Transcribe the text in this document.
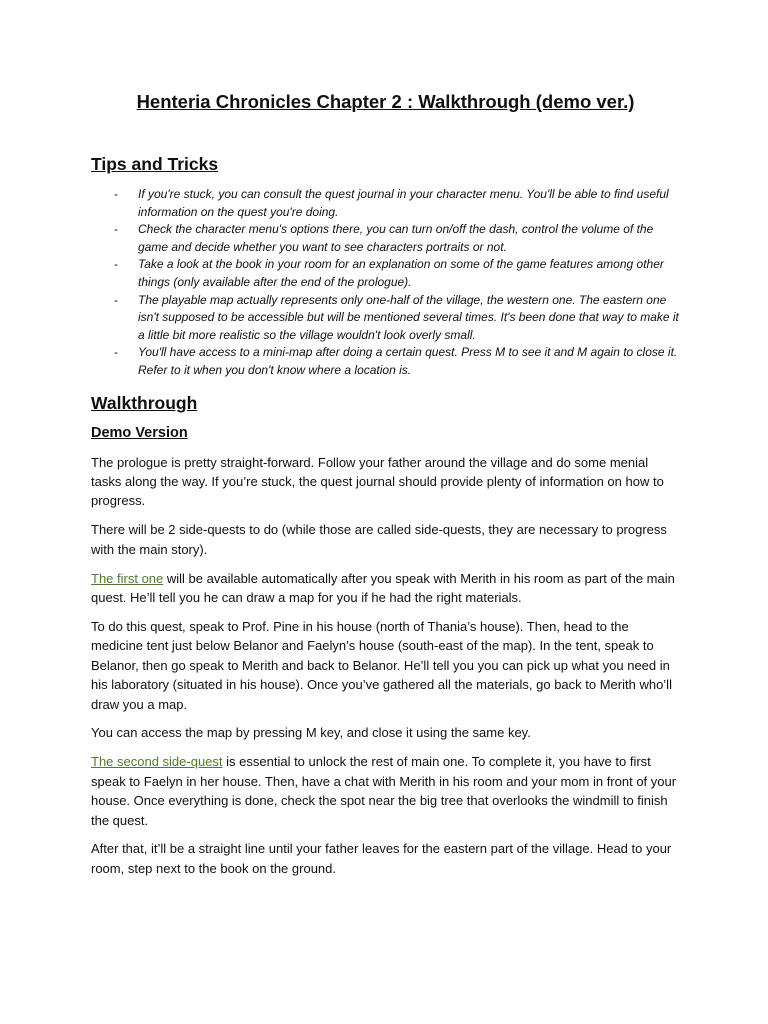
Henteria Chronicles Chapter 2 : Walkthrough (demo ver.)
Tips and Tricks
- If you're stuck, you can consult the quest journal in your character menu. You'll be able to find useful information on the quest you're doing.
- Check the character menu's options there, you can turn on/off the dash, control the volume of the game and decide whether you want to see characters portraits or not.
- Take a look at the book in your room for an explanation on some of the game features among other things (only available after the end of the prologue).
- The playable map actually represents only one-half of the village, the western one. The eastern one isn't supposed to be accessible but will be mentioned several times. It's been done that way to make it a little bit more realistic so the village wouldn't look overly small.
- You'll have access to a mini-map after doing a certain quest. Press M to see it and M again to close it. Refer to it when you don't know where a location is.
Walkthrough
Demo Version

The prologue is pretty straight-forward. Follow your father around the village and do some menial tasks along the way. If you’re stuck, the quest journal should provide plenty of information on how to progress.

There will be 2 side-quests to do (while those are called side-quests, they are necessary to progress with the main story).

The first one will be available automatically after you speak with Merith in his room as part of the main quest. He’ll tell you he can draw a map for you if he had the right materials.

To do this quest, speak to Prof. Pine in his house (north of Thania’s house). Then, head to the medicine tent just below Belanor and Faelyn’s house (south-east of the map). In the tent, speak to Belanor, then go speak to Merith and back to Belanor. He’ll tell you you can pick up what you need in his laboratory (situated in his house). Once you’ve gathered all the materials, go back to Merith who’ll draw you a map.

You can access the map by pressing M key, and close it using the same key.

The second side-quest is essential to unlock the rest of main one. To complete it, you have to first speak to Faelyn in her house. Then, have a chat with Merith in his room and your mom in front of your house. Once everything is done, check the spot near the big tree that overlooks the windmill to finish the quest.

After that, it’ll be a straight line until your father leaves for the eastern part of the village. Head to your room, step next to the book on the ground.
